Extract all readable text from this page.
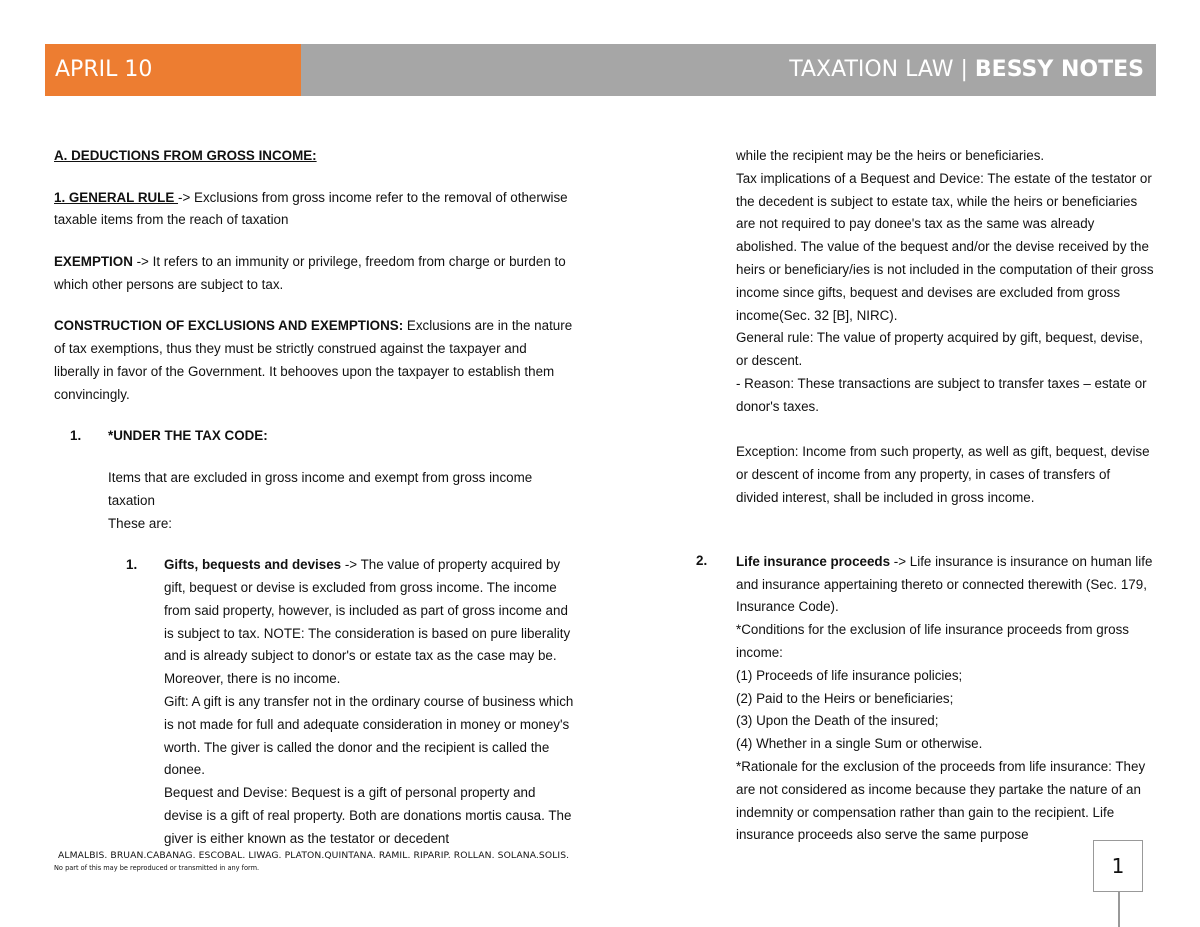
APRIL 10	TAXATION LAW | BESSY NOTES

A. DEDUCTIONS FROM GROSS INCOME:

1. GENERAL RULE -> Exclusions from gross income refer to the removal of otherwise taxable items from the reach of taxation

EXEMPTION -> It refers to an immunity or privilege, freedom from charge or burden to which other persons are subject to tax.

CONSTRUCTION OF EXCLUSIONS AND EXEMPTIONS: Exclusions are in the nature of tax exemptions, thus they must be strictly construed against the taxpayer and liberally in favor of the Government. It behooves upon the taxpayer to establish them convincingly.

1.	*UNDER THE TAX CODE:

Items that are excluded in gross income and exempt from gross income taxation

These are:

1.	Gifts, bequests and devises -> The value of property acquired by gift, bequest or devise is excluded from gross income. The income from said property, however, is included as part of gross income and is subject to tax. NOTE: The consideration is based on pure liberality and is already subject to donor's or estate tax as the case may be. Moreover, there is no income.

Gift: A gift is any transfer not in the ordinary course of business which is not made for full and adequate consideration in money or money's worth. The giver is called the donor and the recipient is called the donee.

Bequest and Devise: Bequest is a gift of personal property and devise is a gift of real property. Both are donations mortis causa. The giver is either known as the testator or decedent

while the recipient may be the heirs or beneficiaries.

Tax implications of a Bequest and Device: The estate of the testator or the decedent is subject to estate tax, while the heirs or beneficiaries are not required to pay donee's tax as the same was already abolished. The value of the bequest and/or the devise received by the heirs or beneficiary/ies is not included in the computation of their gross income since gifts, bequest and devises are excluded from gross income(Sec. 32 [B], NIRC).

General rule: The value of property acquired by gift, bequest, devise, or descent.

- Reason: These transactions are subject to transfer taxes – estate or donor's taxes.

Exception: Income from such property, as well as gift, bequest, devise or descent of income from any property, in cases of transfers of divided interest, shall be included in gross income.

Life insurance proceeds -> Life insurance is insurance on human life and insurance appertaining thereto or connected therewith (Sec. 179, Insurance Code).

*Conditions for the exclusion of life insurance proceeds from gross income:

(1) Proceeds of life insurance policies;

(2) Paid to the Heirs or beneficiaries;

(3) Upon the Death of the insured;

(4) Whether in a single Sum or otherwise.

*Rationale for the exclusion of the proceeds from life insurance: They are not considered as income because they partake the nature of an indemnity or compensation rather than gain to the recipient. Life insurance proceeds also serve the same purpose

2.
ALMALBIS. BRUAN.CABANAG. ESCOBAL. LIWAG. PLATON.QUINTANA. RAMIL. RIPARIP. ROLLAN. SOLANA.SOLIS.
No part of this may be reproduced or transmitted in any form.	1
